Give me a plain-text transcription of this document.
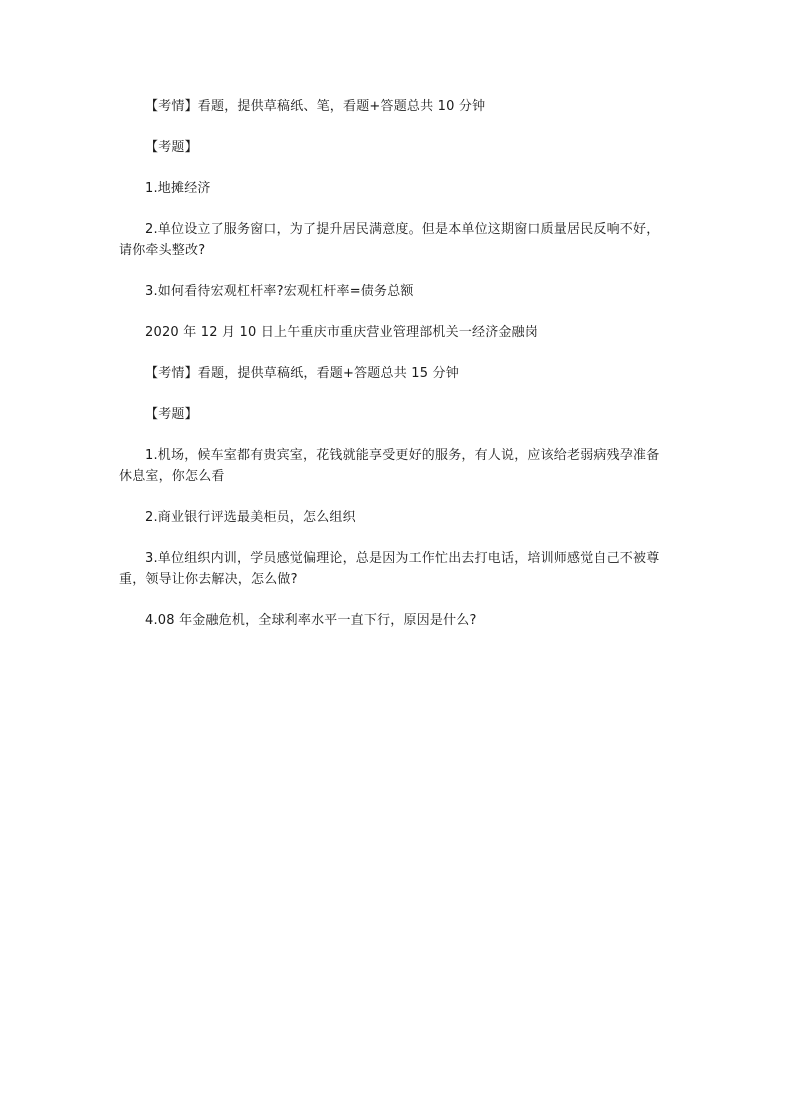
【考情】看题，提供草稿纸、笔，看题+答题总共 10 分钟

【考题】

1.地摊经济

2.单位设立了服务窗口，为了提升居民满意度。但是本单位这期窗口质量居民反响不好，请你牵头整改?

3.如何看待宏观杠杆率?宏观杠杆率=债务总额

2020 年 12 月 10 日上午重庆市重庆营业管理部机关一经济金融岗

【考情】看题，提供草稿纸，看题+答题总共 15 分钟

【考题】

1.机场，候车室都有贵宾室，花钱就能享受更好的服务，有人说，应该给老弱病残孕准备休息室，你怎么看

2.商业银行评选最美柜员，怎么组织

3.单位组织内训，学员感觉偏理论，总是因为工作忙出去打电话，培训师感觉自己不被尊重，领导让你去解决，怎么做?

4.08 年金融危机，全球利率水平一直下行，原因是什么?
